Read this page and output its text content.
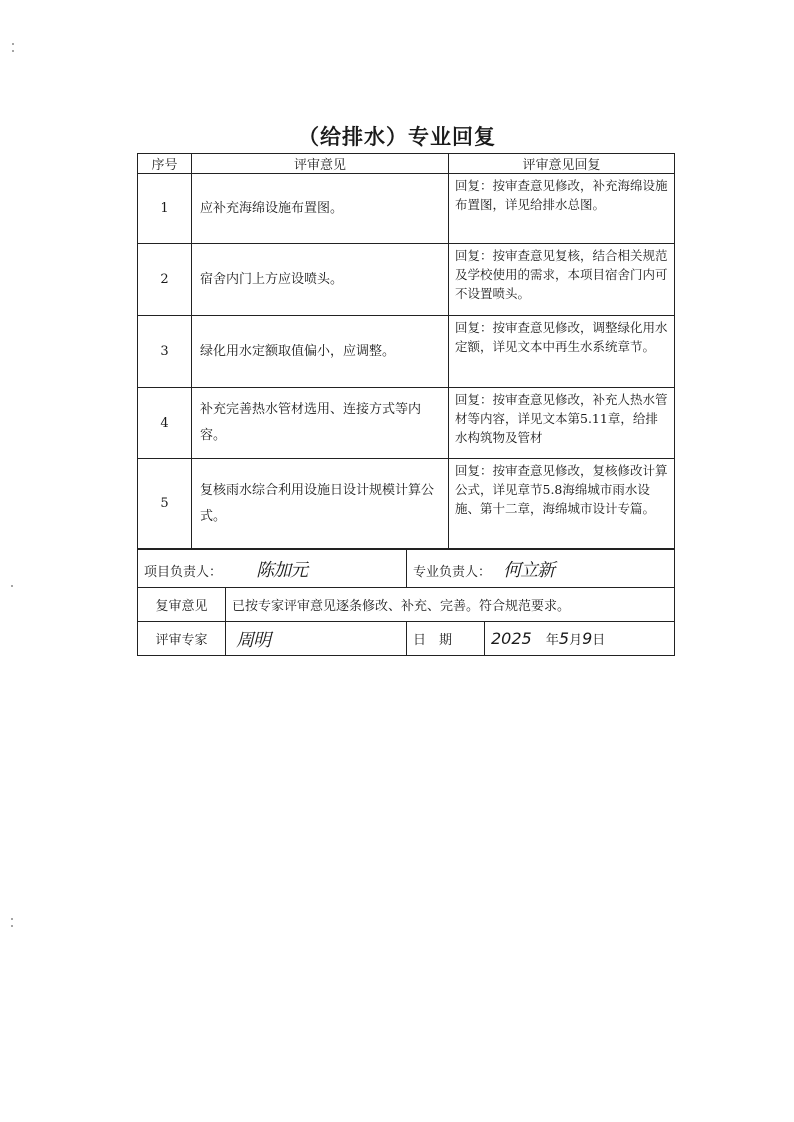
（给排水）专业回复
序号	评审意见	评审意见回复
1	应补充海绵设施布置图。	回复：按审查意见修改，补充海绵设施布置图，详见给排水总图。
2	宿舍内门上方应设喷头。	回复：按审查意见复核，结合相关规范及学校使用的需求，本项目宿舍门内可不设置喷头。
3	绿化用水定额取值偏小，应调整。	回复：按审查意见修改，调整绿化用水定额，详见文本中再生水系统章节。
4	补充完善热水管材选用、连接方式等内容。	回复：按审查意见修改，补充人热水管材等内容，详见文本第5.11章，给排水构筑物及管材
5	复核雨水综合利用设施日设计规模计算公式。	回复：按审查意见修改，复核修改计算公式，详见章节5.8海绵城市雨水设施、第十二章，海绵城市设计专篇。
项目负责人： 陈加元		专业负责人： 何立新	
复审意见	已按专家评审意见逐条修改、补充、完善。符合规范要求。		
评审专家	周明	日　期	2025 年5月9日
